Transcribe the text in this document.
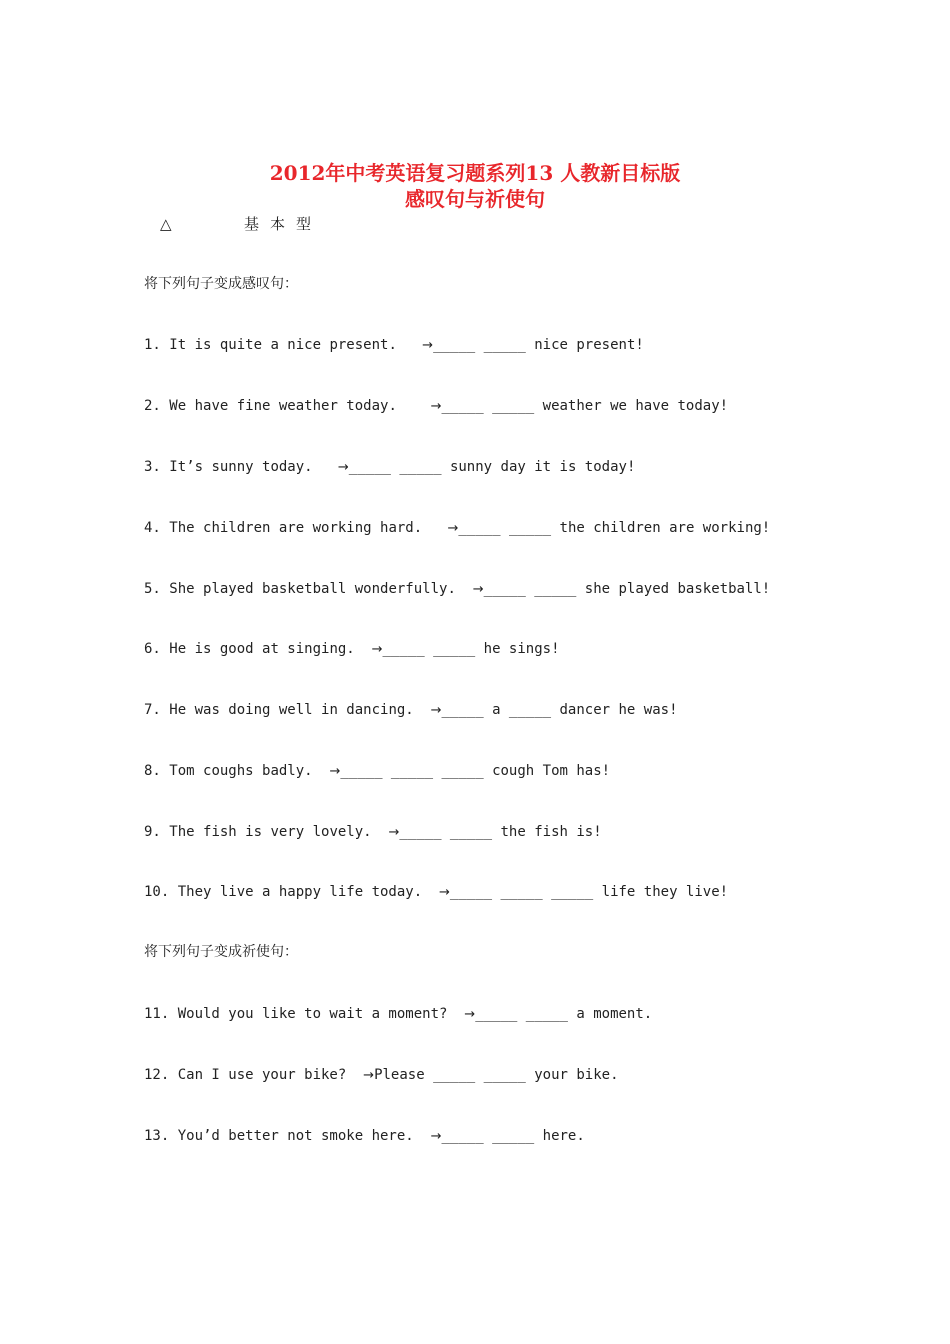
2012年中考英语复习题系列13 人教新目标版
感叹句与祈使句
△	基本型
将下列句子变成感叹句：
1. It is quite a nice present. →_____ _____ nice present!
2. We have fine weather today.	→_____ _____ weather we have today!
3. It’s sunny today. →_____ _____ sunny day it is today!
4. The children are working hard. →_____ _____ the children are working!
5. She played basketball wonderfully. →_____ _____ she played basketball!
6. He is good at singing. →_____ _____ he sings!
7. He was doing well in dancing. →_____ a _____ dancer he was!
8. Tom coughs badly. →_____ _____ _____ cough Tom has!
9. The fish is very lovely. →_____ _____ the fish is!
10. They live a happy life today. →_____ _____ _____ life they live!
11. Would you like to wait a moment? →_____ _____ a moment.
12. Can I use your bike? →Please _____ _____ your bike.
13. You’d better not smoke here. →_____ _____ here.
将下列句子变成祈使句：
